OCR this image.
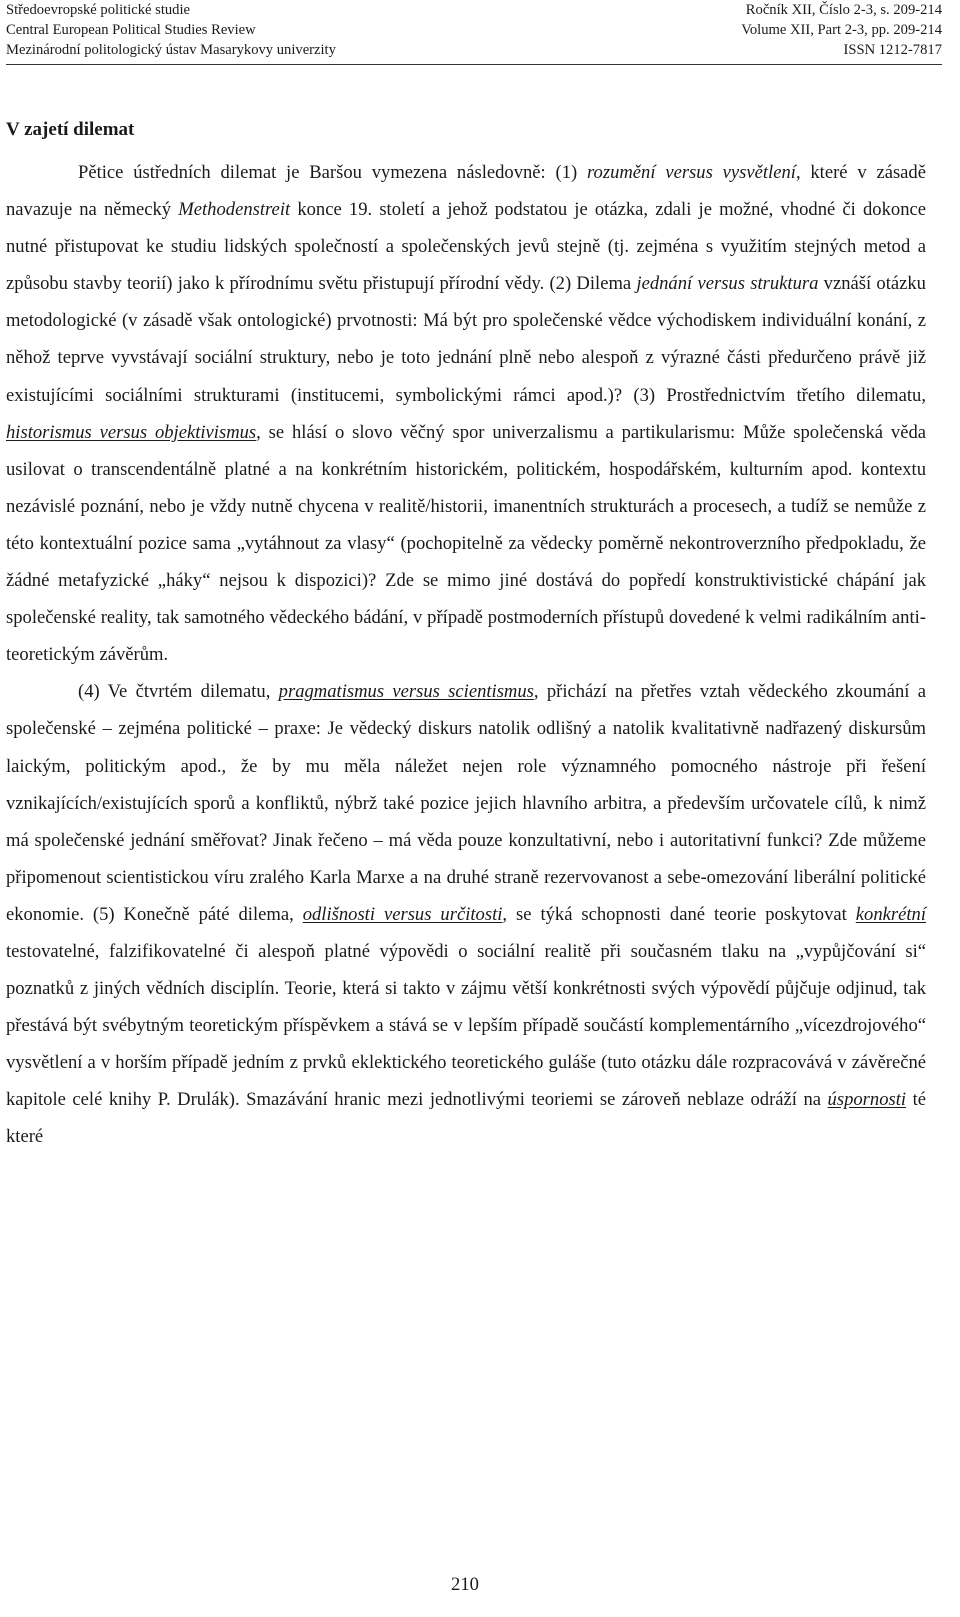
Středoevropské politické studie	Ročník XII, Číslo 2-3, s. 209-214
Central European Political Studies Review	Volume XII, Part 2-3, pp. 209-214
Mezinárodní politologický ústav Masarykovy univerzity	ISSN 1212-7817
V zajetí dilemat

Pětice ústředních dilemat je Baršou vymezena následovně: (1) rozumění versus vysvětlení, které v zásadě navazuje na německý Methodenstreit konce 19. století a jehož podstatou je otázka, zdali je možné, vhodné či dokonce nutné přistupovat ke studiu lidských společností a společenských jevů stejně (tj. zejména s využitím stejných metod a způsobu stavby teorií) jako k přírodnímu světu přistupují přírodní vědy. (2) Dilema jednání versus struktura vznáší otázku metodologické (v zásadě však ontologické) prvotnosti: Má být pro společenské vědce východiskem individuální konání, z něhož teprve vyvstávají sociální struktury, nebo je toto jednání plně nebo alespoň z výrazné části předurčeno právě již existujícími sociálními strukturami (institucemi, symbolickými rámci apod.)? (3) Prostřednictvím třetího dilematu, historismus versus objektivismus, se hlásí o slovo věčný spor univerzalismu a partikularismu: Může společenská věda usilovat o transcendentálně platné a na konkrétním historickém, politickém, hospodářském, kulturním apod. kontextu nezávislé poznání, nebo je vždy nutně chycena v realitě/historii, imanentních strukturách a procesech, a tudíž se nemůže z této kontextuální pozice sama „vytáhnout za vlasy“ (pochopitelně za vědecky poměrně nekontroverzního předpokladu, že žádné metafyzické „háky“ nejsou k dispozici)? Zde se mimo jiné dostává do popředí konstruktivistické chápání jak společenské reality, tak samotného vědeckého bádání, v případě postmoderních přístupů dovedené k velmi radikálním anti-teoretickým závěrům.

(4) Ve čtvrtém dilematu, pragmatismus versus scientismus, přichází na přetřes vztah vědeckého zkoumání a společenské – zejména politické – praxe: Je vědecký diskurs natolik odlišný a natolik kvalitativně nadřazený diskursům laickým, politickým apod., že by mu měla náležet nejen role významného pomocného nástroje při řešení vznikajících/existujících sporů a konfliktů, nýbrž také pozice jejich hlavního arbitra, a především určovatele cílů, k nimž má společenské jednání směřovat? Jinak řečeno – má věda pouze konzultativní, nebo i autoritativní funkci? Zde můžeme připomenout scientistickou víru zralého Karla Marxe a na druhé straně rezervovanost a sebe-omezování liberální politické ekonomie. (5) Konečně páté dilema, odlišnosti versus určitosti, se týká schopnosti dané teorie poskytovat konkrétní testovatelné, falzifikovatelné či alespoň platné výpovědi o sociální realitě při současném tlaku na „vypůjčování si“ poznatků z jiných vědních disciplín. Teorie, která si takto v zájmu větší konkrétnosti svých výpovědí půjčuje odjinud, tak přestává být svébytným teoretickým příspěvkem a stává se v lepším případě součástí komplementárního „vícezdrojového“ vysvětlení a v horším případě jedním z prvků eklektického teoretického guláše (tuto otázku dále rozpracovává v závěrečné kapitole celé knihy P. Drulák). Smazávání hranic mezi jednotlivými teoriemi se zároveň neblaze odráží na úspornosti té které

210
